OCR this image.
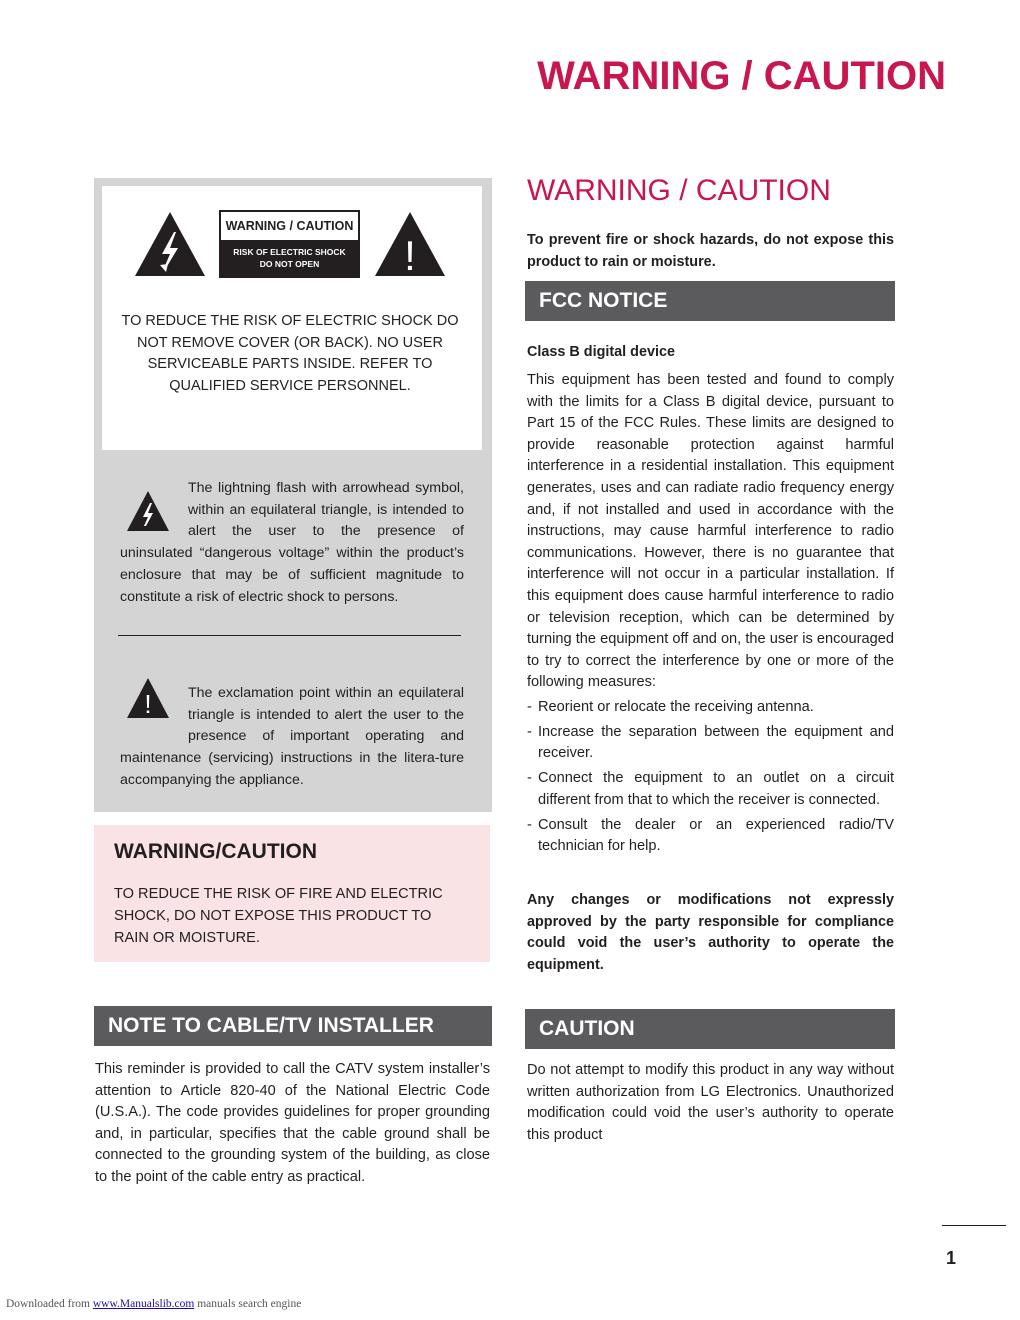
WARNING / CAUTION
WARNING / CAUTION
RISK OF ELECTRIC SHOCK
DO NOT OPEN	!
TO REDUCE THE RISK OF ELECTRIC SHOCK DO NOT REMOVE COVER (OR BACK). NO USER SERVICEABLE PARTS INSIDE. REFER TO QUALIFIED SERVICE PERSONNEL.
The lightning flash with arrowhead symbol, within an equilateral triangle, is intended to alert the user to the presence of uninsulated “dangerous voltage” within the product’s enclosure that may be of sufficient magnitude to constitute a risk of electric shock to persons.
!	The exclamation point within an equilateral triangle is intended to alert the user to the presence of important operating and maintenance (servicing) instructions in the litera-ture accompanying the appliance.
WARNING/CAUTION
TO REDUCE THE RISK OF FIRE AND ELECTRIC SHOCK, DO NOT EXPOSE THIS PRODUCT TO RAIN OR MOISTURE.
NOTE TO CABLE/TV INSTALLER
This reminder is provided to call the CATV system installer’s attention to Article 820-40 of the National Electric Code (U.S.A.). The code provides guidelines for proper grounding and, in particular, specifies that the cable ground shall be connected to the grounding system of the building, as close to the point of the cable entry as practical.
WARNING / CAUTION
To prevent fire or shock hazards, do not expose this product to rain or moisture.
FCC NOTICE
Class B digital device
This equipment has been tested and found to comply with the limits for a Class B digital device, pursuant to Part 15 of the FCC Rules. These limits are designed to provide reasonable protection against harmful interference in a residential installation. This equipment generates, uses and can radiate radio frequency energy and, if not installed and used in accordance with the instructions, may cause harmful interference to radio communications. However, there is no guarantee that interference will not occur in a particular installation. If this equipment does cause harmful interference to radio or television reception, which can be determined by turning the equipment off and on, the user is encouraged to try to correct the interference by one or more of the following measures:
- Reorient or relocate the receiving antenna.
- Increase the separation between the equipment and receiver.
- Connect the equipment to an outlet on a circuit different from that to which the receiver is connected.
- Consult the dealer or an experienced radio/TV technician for help.
Any changes or modifications not expressly approved by the party responsible for compliance could void the user’s authority to operate the equipment.
CAUTION
Do not attempt to modify this product in any way without written authorization from LG Electronics. Unauthorized modification could void the user’s authority to operate this product
1
Downloaded from www.Manualslib.com manuals search engine
